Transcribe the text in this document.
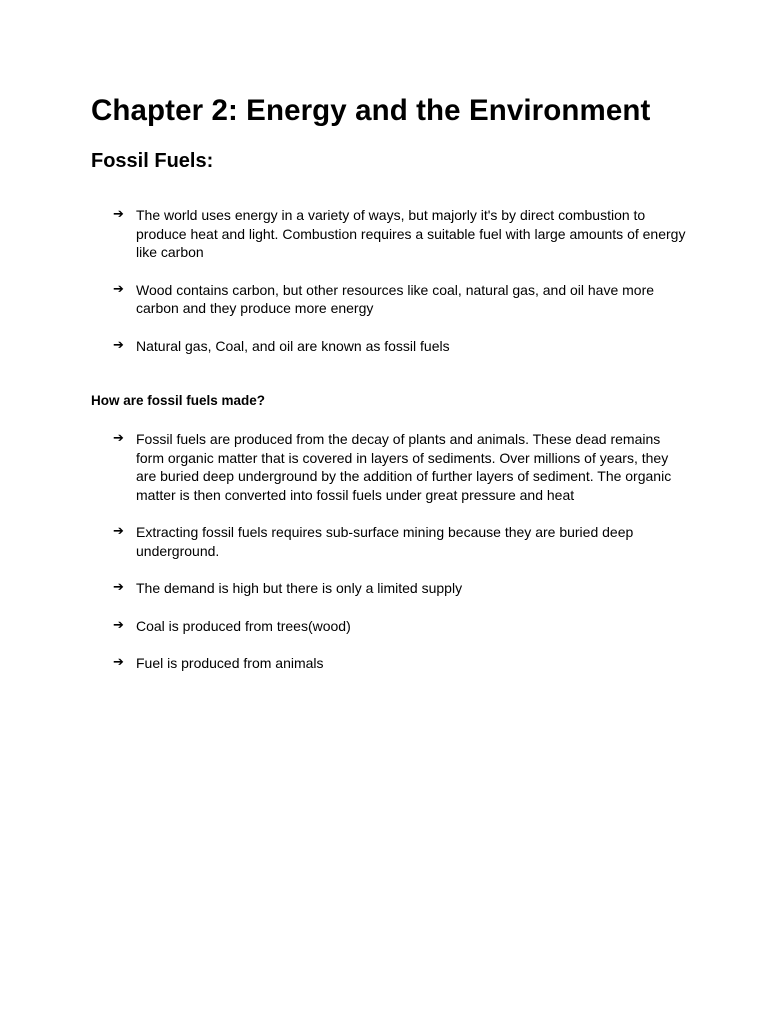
Chapter 2: Energy and the Environment
Fossil Fuels:
➔ The world uses energy in a variety of ways, but majorly it's by direct combustion to produce heat and light. Combustion requires a suitable fuel with large amounts of energy like carbon
➔ Wood contains carbon, but other resources like coal, natural gas, and oil have more carbon and they produce more energy
➔ Natural gas, Coal, and oil are known as fossil fuels
How are fossil fuels made?
➔ Fossil fuels are produced from the decay of plants and animals. These dead remains form organic matter that is covered in layers of sediments. Over millions of years, they are buried deep underground by the addition of further layers of sediment. The organic matter is then converted into fossil fuels under great pressure and heat
➔ Extracting fossil fuels requires sub-surface mining because they are buried deep underground.
➔ The demand is high but there is only a limited supply
➔ Coal is produced from trees(wood)
➔ Fuel is produced from animals
